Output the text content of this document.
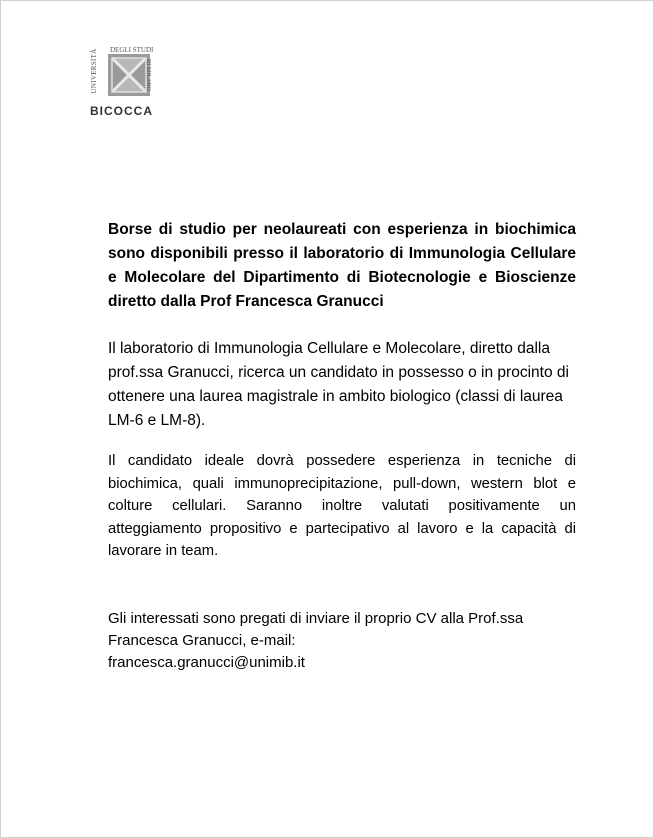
DEGLI STUDI
UNIVERSITÀ	DI MILANO
BICOCCA

Borse di studio per neolaureati con esperienza in biochimica sono disponibili presso il laboratorio di Immunologia Cellulare e Molecolare del Dipartimento di Biotecnologie e Bioscienze diretto dalla Prof Francesca Granucci

Il laboratorio di Immunologia Cellulare e Molecolare, diretto dalla prof.ssa Granucci, ricerca un candidato in possesso o in procinto di ottenere una laurea magistrale in ambito biologico (classi di laurea LM-6 e LM-8).

Il candidato ideale dovrà possedere esperienza in tecniche di biochimica, quali immunoprecipitazione, pull-down, western blot e colture cellulari. Saranno inoltre valutati positivamente un atteggiamento propositivo e partecipativo al lavoro e la capacità di lavorare in team.

Gli interessati sono pregati di inviare il proprio CV alla Prof.ssa Francesca Granucci, e-mail:
francesca.granucci@unimib.it
